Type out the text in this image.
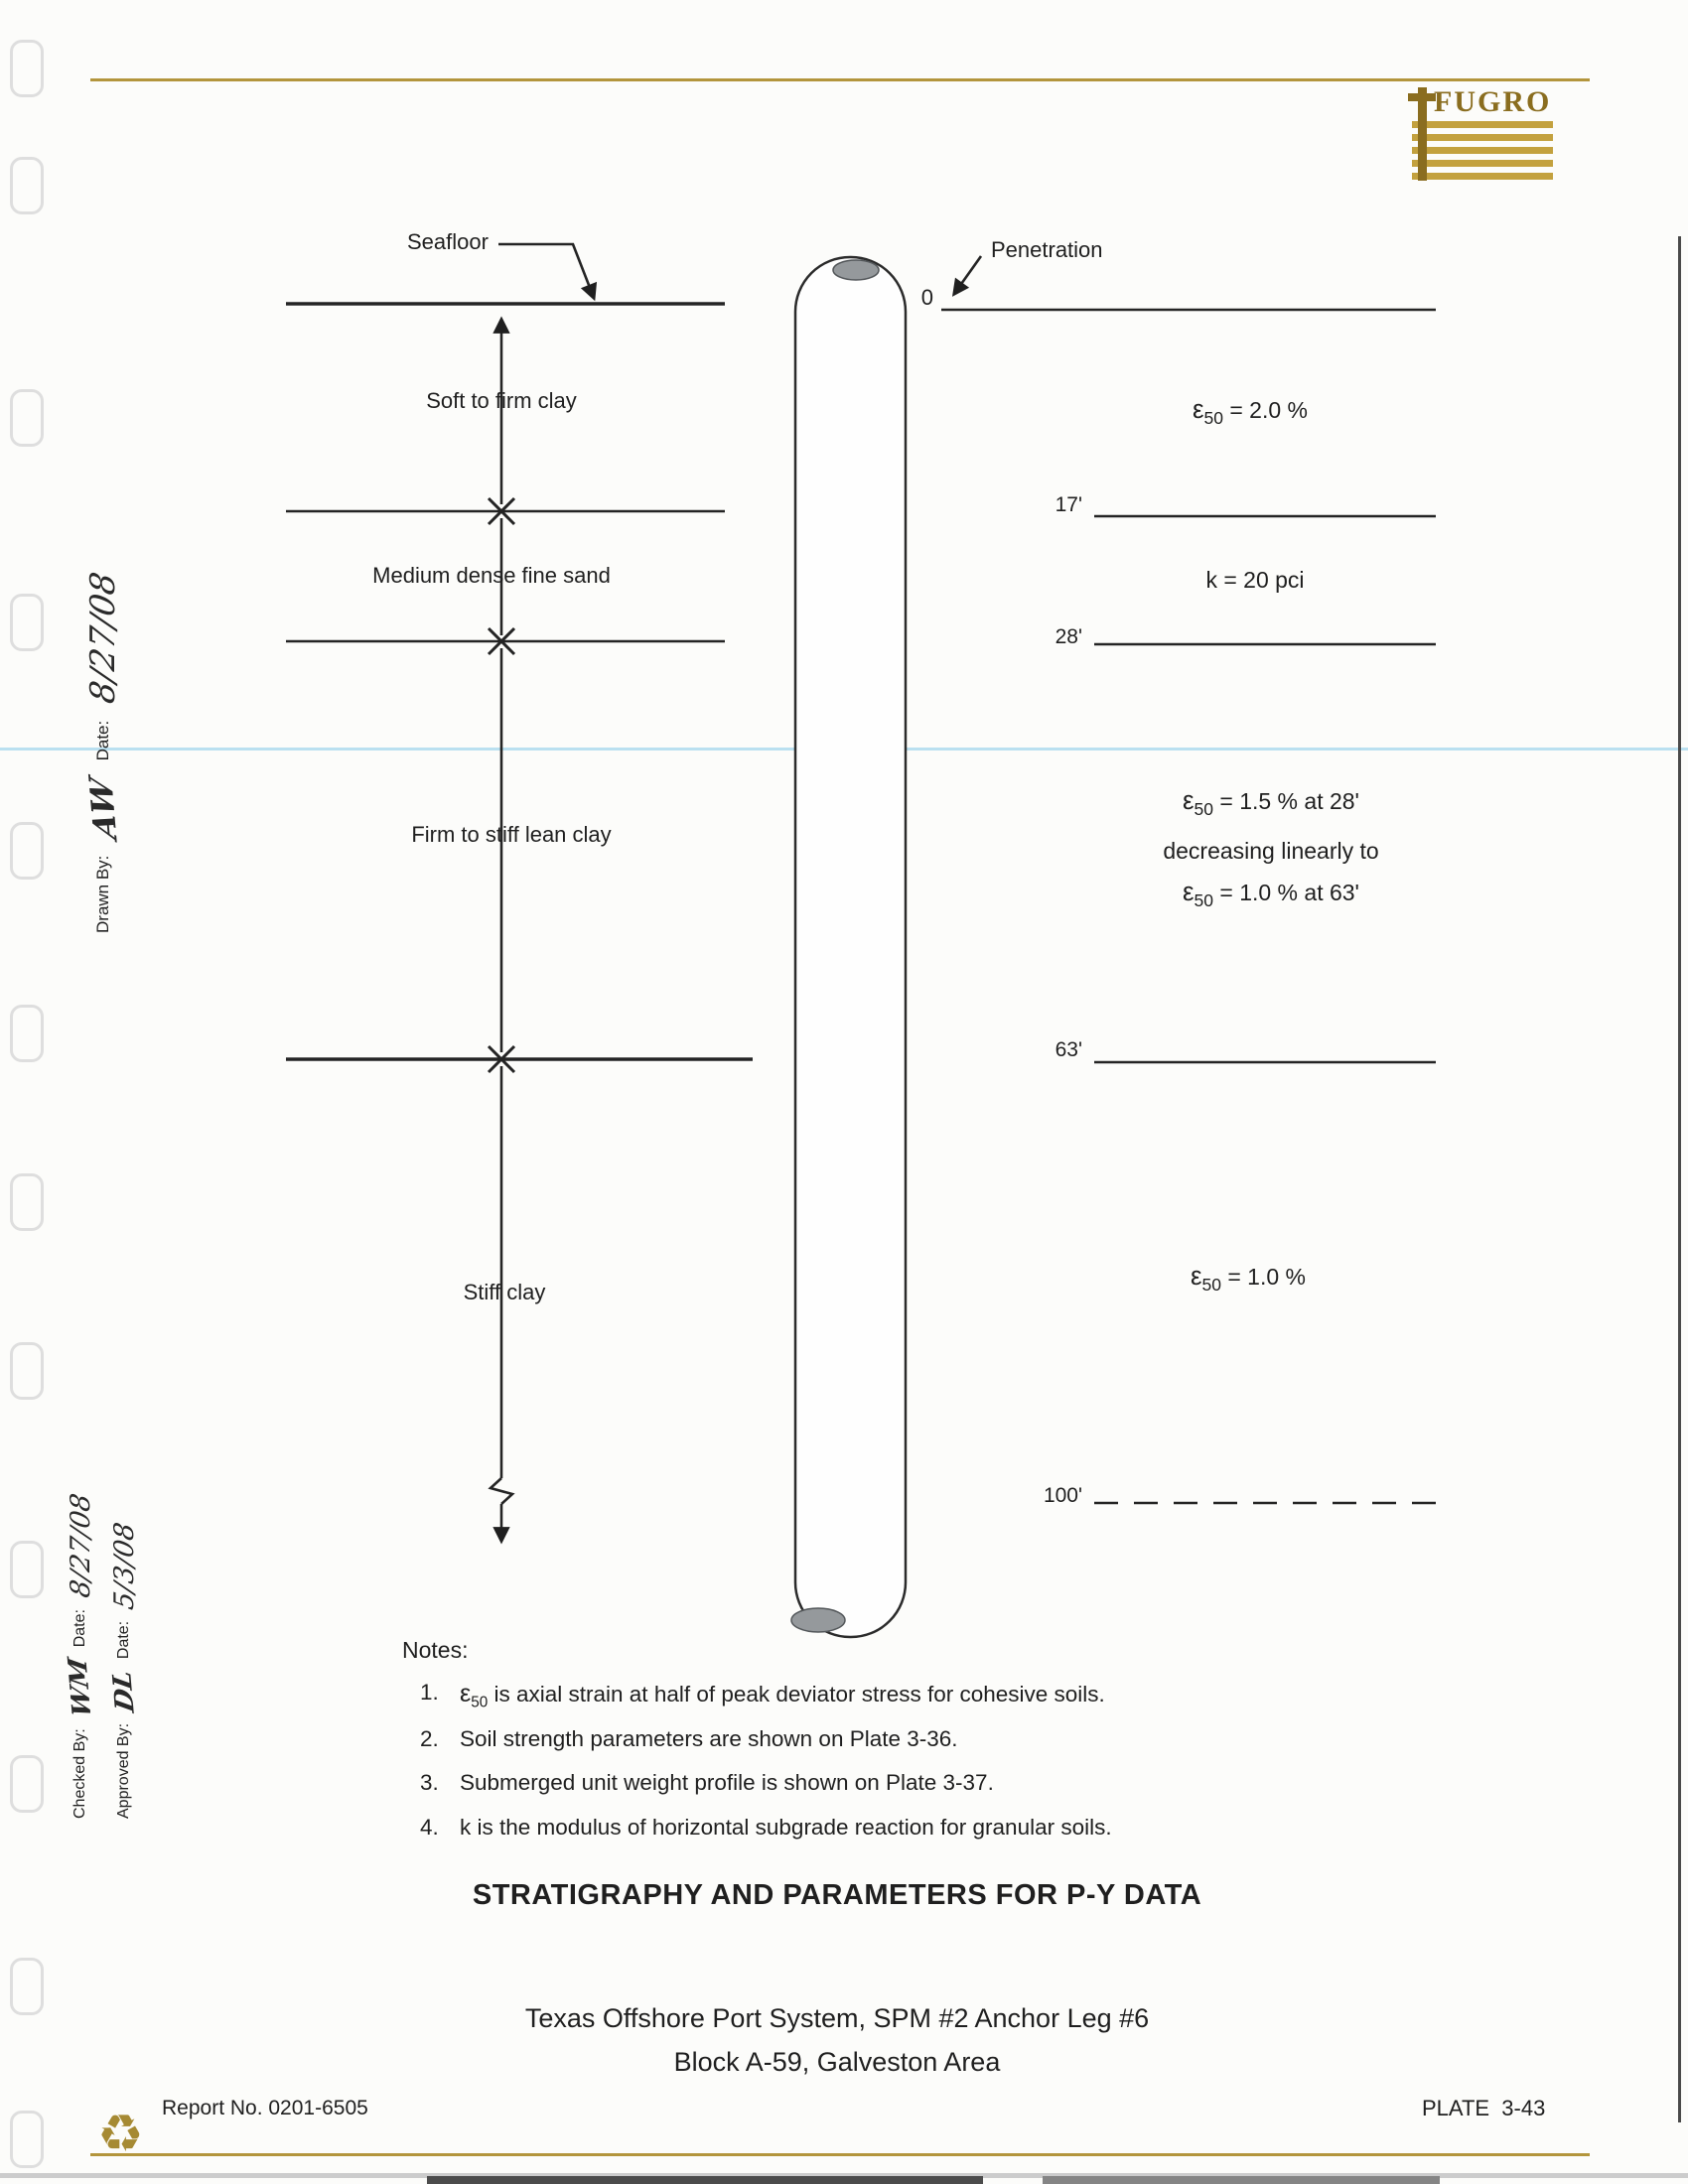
FUGRO
Drawn By:
AW
Date:
8/27/08
Checked By:
WM
Date:
8/27/08
Approved By:
DL
Date:
5/3/08
Seafloor	Penetration
Soft to firm clay
Medium dense fine sand
Firm to stiff lean clay
Stiff clay
0
17'
28'
63'
100'
$\varepsilon_{50} = 2.0$ %
k = 20 pci
$\varepsilon_{50} = 1.5$ % at 28'
decreasing linearly to
$\varepsilon_{50} = 1.0$ % at 63'
$\varepsilon_{50} = 1.0$ %
Notes:
1. $\varepsilon_{50}$ is axial strain at half of peak deviator stress for cohesive soils.
2. Soil strength parameters are shown on Plate 3-36.
3. Submerged unit weight profile is shown on Plate 3-37.
4. k is the modulus of horizontal subgrade reaction for granular soils.
STRATIGRAPHY AND PARAMETERS FOR P-Y DATA
Texas Offshore Port System, SPM #2 Anchor Leg #6
Block A-59, Galveston Area
Report No. 0201-6505	PLATE  3-43
♻
